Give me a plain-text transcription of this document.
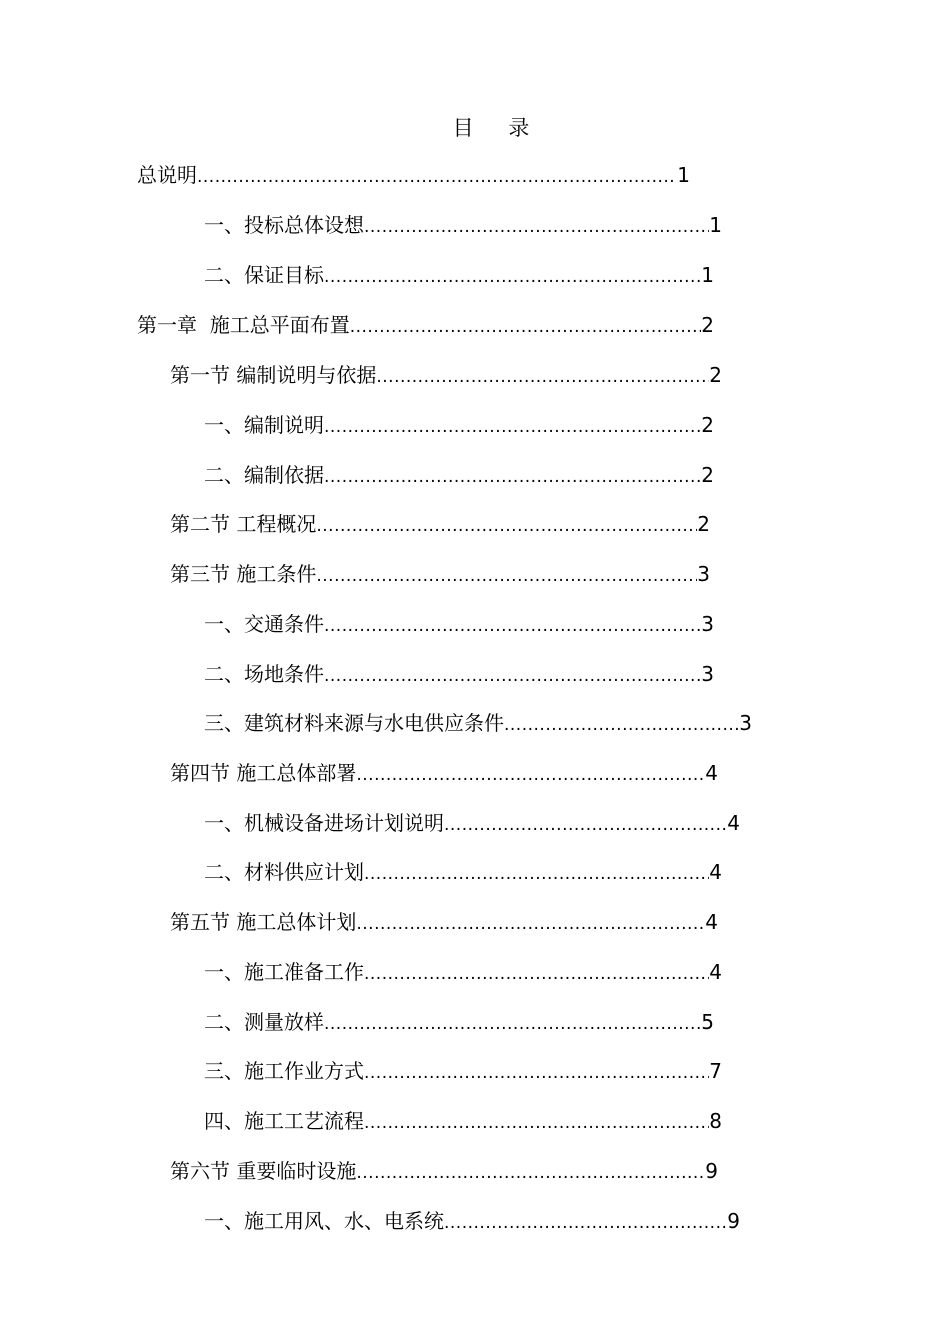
目 录
总说明 .....	1
一、投标总体设想 .....	1
二、保证目标 .....	1
第一章  施工总平面布置 .....	2
第一节 编制说明与依据 .....	2
一、编制说明 .....	2
二、编制依据 .....	2
第二节 工程概况 .....	2
第三节 施工条件 .....	3
一、交通条件 .....	3
二、场地条件 .....	3
三、建筑材料来源与水电供应条件 .....	3
第四节 施工总体部署 .....	4
一、机械设备进场计划说明 .....	4
二、材料供应计划 .....	4
第五节 施工总体计划 .....	4
一、施工准备工作 .....	4
二、测量放样 .....	5
三、施工作业方式 .....	7
四、施工工艺流程 .....	8
第六节 重要临时设施 .....	9
一、施工用风、水、电系统 .....	9
